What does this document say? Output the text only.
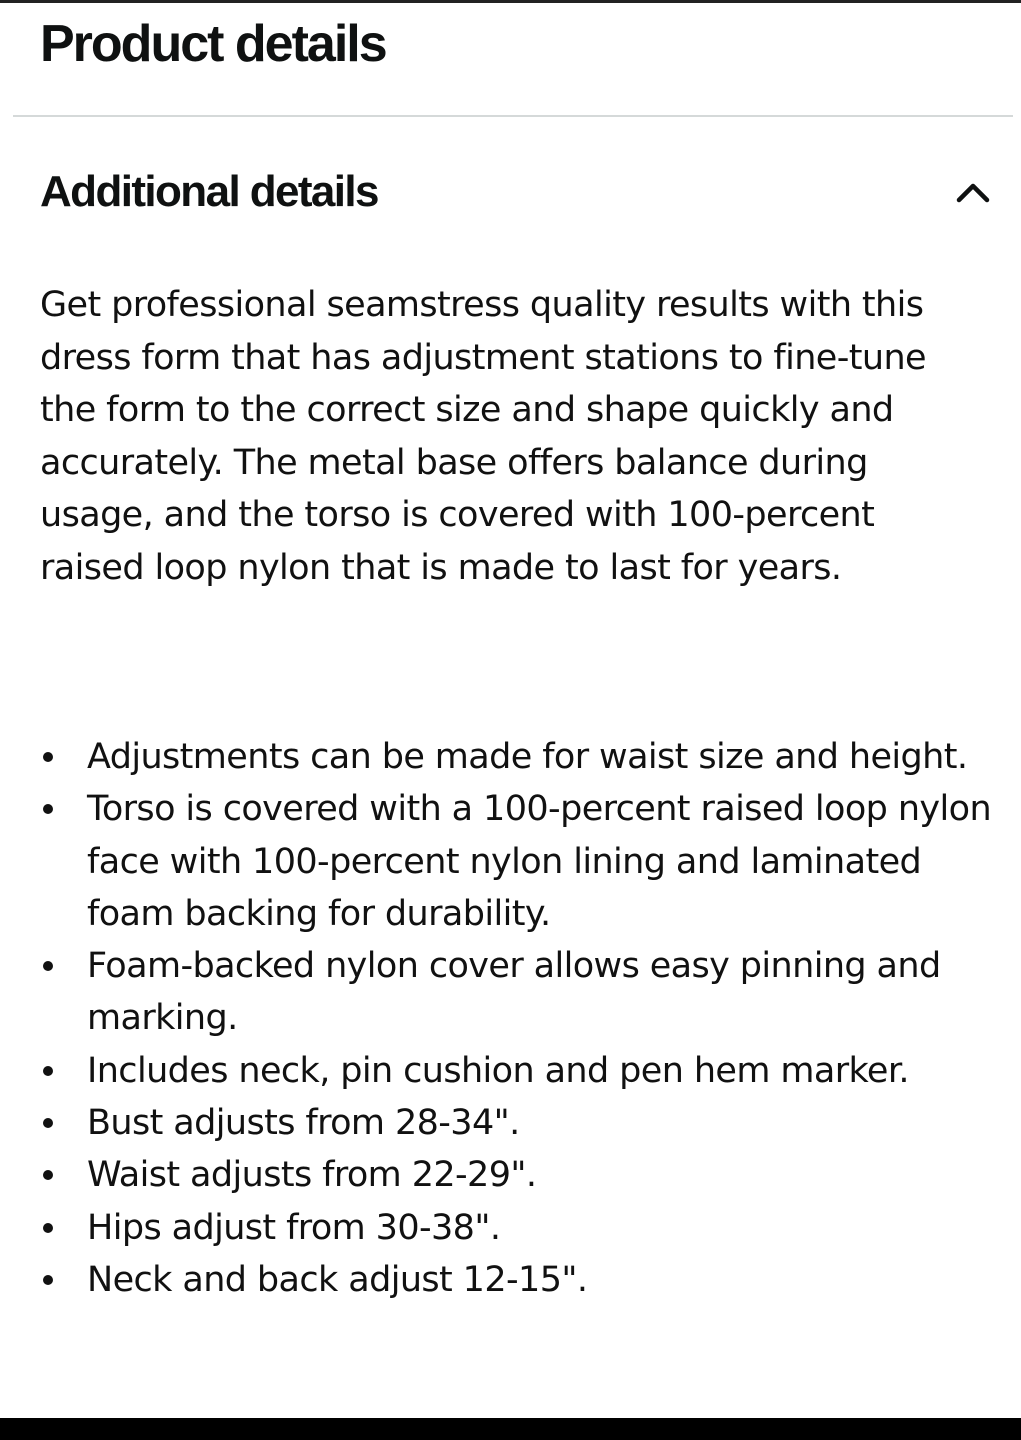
Product details
Additional details

Get professional seamstress quality results with this dress form that has adjustment stations to fine-tune the form to the correct size and shape quickly and accurately. The metal base offers balance during usage, and the torso is covered with 100-percent raised loop nylon that is made to last for years.

Adjustments can be made for waist size and height.
Torso is covered with a 100-percent raised loop nylon face with 100-percent nylon lining and laminated foam backing for durability.
Foam-backed nylon cover allows easy pinning and marking.
Includes neck, pin cushion and pen hem marker.
Bust adjusts from 28-34".
Waist adjusts from 22-29".
Hips adjust from 30-38".
Neck and back adjust 12-15".
